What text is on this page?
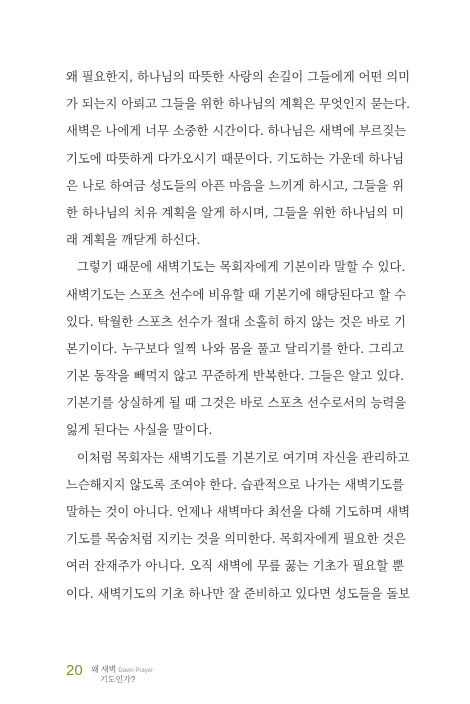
왜 필요한지, 하나님의 따뜻한 사랑의 손길이 그들에게 어떤 의미
가 되는지 아뢰고 그들을 위한 하나님의 계획은 무엇인지 묻는다.
새벽은 나에게 너무 소중한 시간이다. 하나님은 새벽에 부르짖는
기도에 따뜻하게 다가오시기 때문이다. 기도하는 가운데 하나님
은 나로 하여금 성도들의 아픈 마음을 느끼게 하시고, 그들을 위
한 하나님의 치유 계획을 알게 하시며, 그들을 위한 하나님의 미
래 계획을 깨닫게 하신다.
그렇기 때문에 새벽기도는 목회자에게 기본이라 말할 수 있다.
새벽기도는 스포츠 선수에 비유할 때 기본기에 해당된다고 할 수
있다. 탁월한 스포츠 선수가 절대 소홀히 하지 않는 것은 바로 기
본기이다. 누구보다 일찍 나와 몸을 풀고 달리기를 한다. 그리고
기본 동작을 빼먹지 않고 꾸준하게 반복한다. 그들은 알고 있다.
기본기를 상실하게 될 때 그것은 바로 스포츠 선수로서의 능력을
잃게 된다는 사실을 말이다.
이처럼 목회자는 새벽기도를 기본기로 여기며 자신을 관리하고
느슨해지지 않도록 조여야 한다. 습관적으로 나가는 새벽기도를
말하는 것이 아니다. 언제나 새벽마다 최선을 다해 기도하며 새벽
기도를 목숨처럼 지키는 것을 의미한다. 목회자에게 필요한 것은
여러 잔재주가 아니다. 오직 새벽에 무릎 꿇는 기초가 필요할 뿐
이다. 새벽기도의 기초 하나만 잘 준비하고 있다면 성도들을 돌보
20 왜 새벽 Dawn Prayer
기도인가?
